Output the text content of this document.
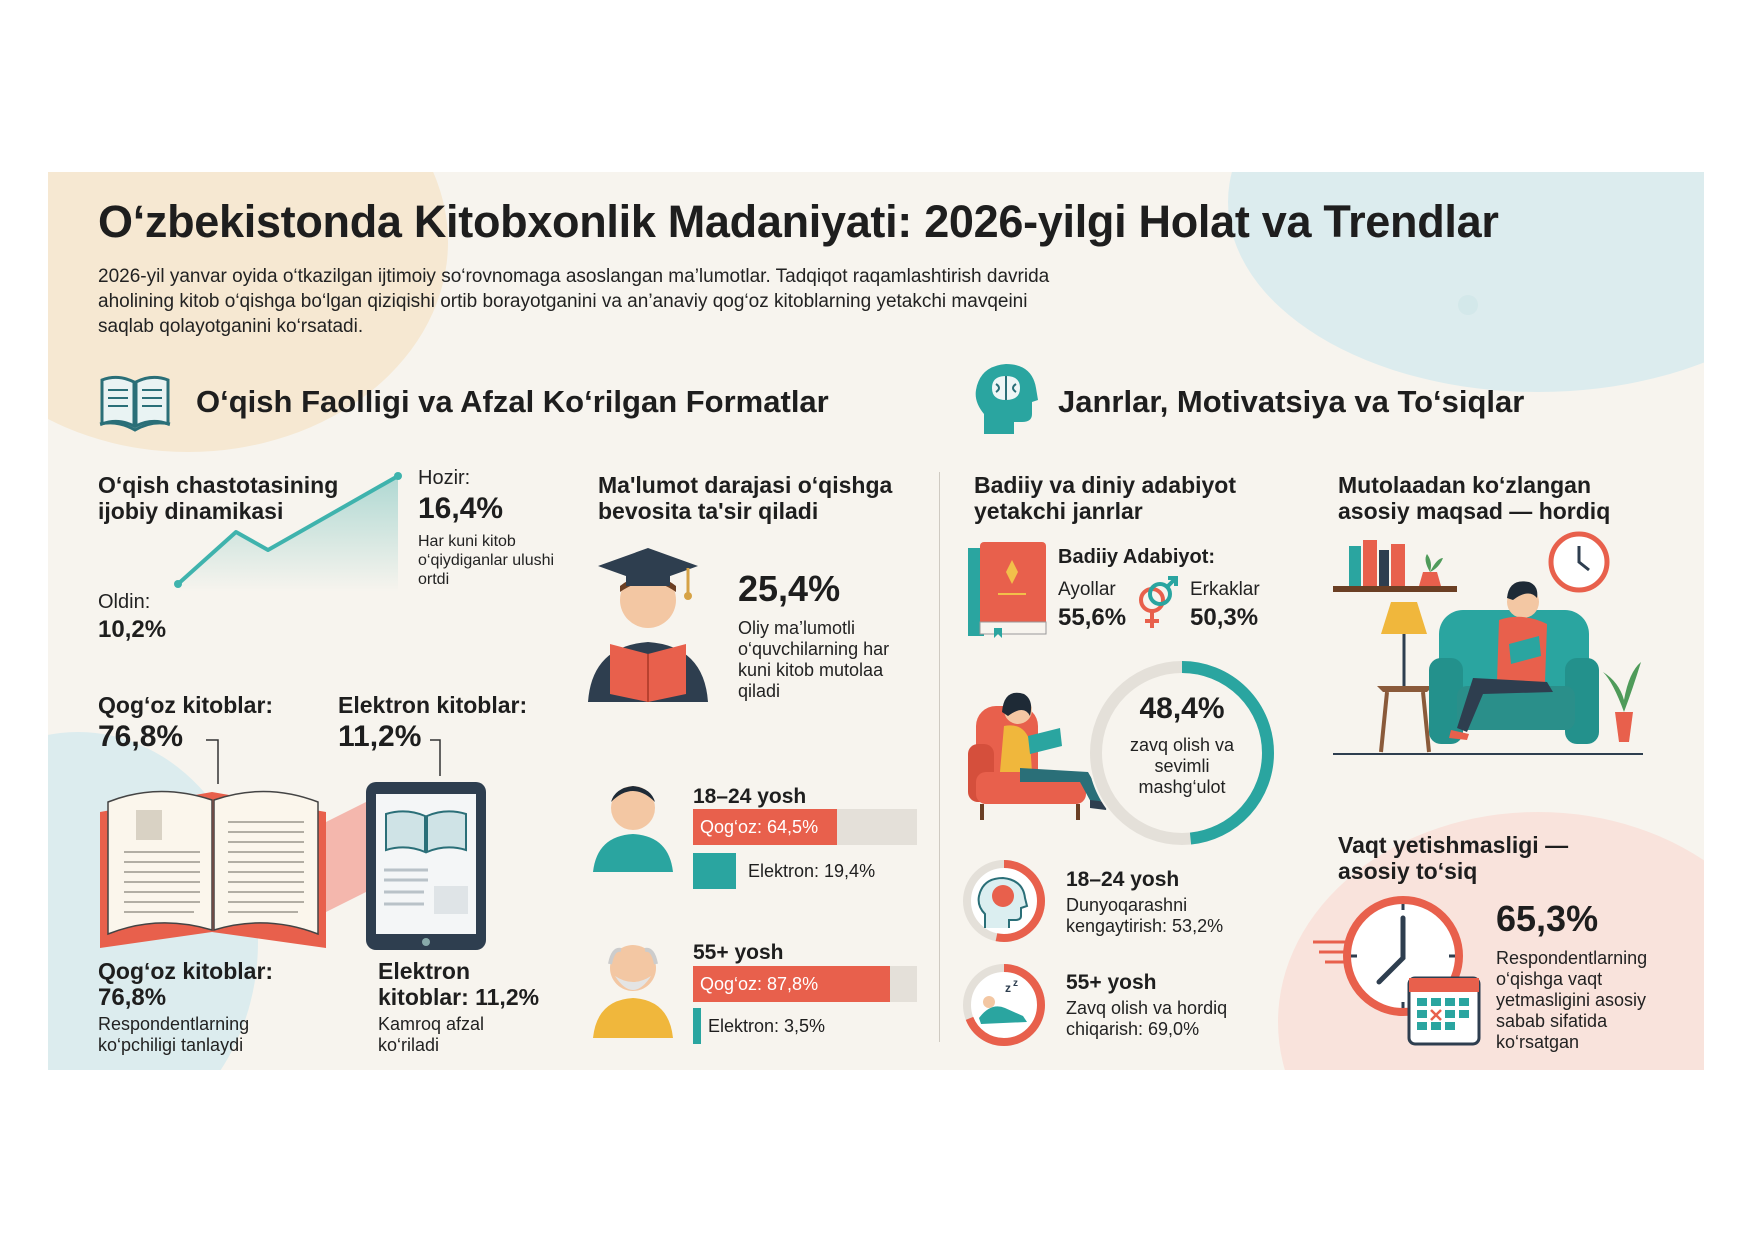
O‘zbekistonda Kitobxonlik Madaniyati: 2026-yilgi Holat va Trendlar
2026-yil yanvar oyida o‘tkazilgan ijtimoiy so‘rovnomaga asoslangan ma’lumotlar. Tadqiqot raqamlashtirish davrida aholining kitob o‘qishga bo‘lgan qiziqishi ortib borayotganini va an’anaviy qog‘oz kitoblarning yetakchi mavqeini saqlab qolayotganini ko‘rsatadi.
O‘qish Faolligi va Afzal Ko‘rilgan Formatlar
O‘qish chastotasining ijobiy dinamikasi
Oldin:
10,2%
Hozir:
16,4%
Har kuni kitob o‘qiydiganlar ulushi ortdi
Qog‘oz kitoblar:
76,8%
Elektron kitoblar:
11,2%
Qog‘oz kitoblar:
76,8%
Respondentlarning ko‘pchiligi tanlaydi
Elektron kitoblar: 11,2%
Kamroq afzal ko‘riladi
Ma'lumot darajasi o‘qishga bevosita ta'sir qiladi
25,4%
Oliy ma’lumotli o‘quvchilarning har kuni kitob mutolaa qiladi
18–24 yosh
Qog‘oz: 64,5%
Elektron: 19,4%
55+ yosh
Qog‘oz: 87,8%
Elektron: 3,5%
Janrlar, Motivatsiya va To‘siqlar
Badiiy va diniy adabiyot yetakchi janrlar
Badiiy Adabiyot:
Ayollar
55,6%
Erkaklar
50,3%
48,4%
zavq olish va sevimli mashg‘ulot
18–24 yosh
Dunyoqarashni kengaytirish: 53,2%
z z 55+ yosh
Zavq olish va hordiq chiqarish: 69,0%
Mutolaadan ko‘zlangan asosiy maqsad — hordiq
Vaqt yetishmasligi — asosiy to‘siq
65,3%
Respondentlarning o‘qishga vaqt yetmasligini asosiy sabab sifatida ko‘rsatgan
